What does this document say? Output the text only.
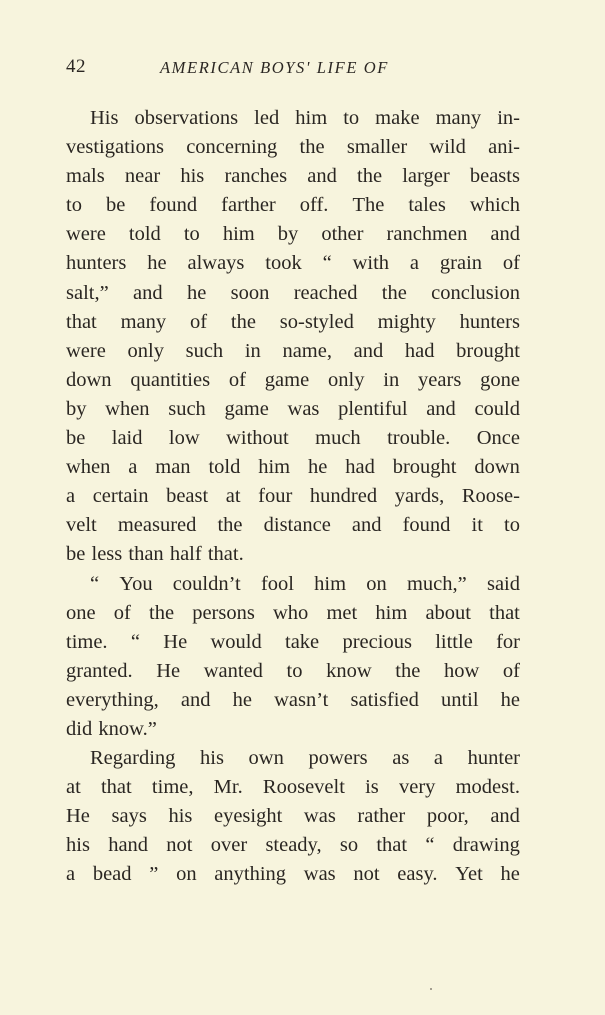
42	AMERICAN BOYS' LIFE OF
His observations led him to make many in-
vestigations concerning the smaller wild ani-
mals near his ranches and the larger beasts
to be found farther off. The tales which
were told to him by other ranchmen and
hunters he always took “ with a grain of
salt,” and he soon reached the conclusion
that many of the so-styled mighty hunters
were only such in name, and had brought
down quantities of game only in years gone
by when such game was plentiful and could
be laid low without much trouble. Once
when a man told him he had brought down
a certain beast at four hundred yards, Roose-
velt measured the distance and found it to
be less than half that.
“ You couldn’t fool him on much,” said
one of the persons who met him about that
time. “ He would take precious little for
granted. He wanted to know the how of
everything, and he wasn’t satisfied until he
did know.”
Regarding his own powers as a hunter
at that time, Mr. Roosevelt is very modest.
He says his eyesight was rather poor, and
his hand not over steady, so that “ drawing
a bead ” on anything was not easy. Yet he
